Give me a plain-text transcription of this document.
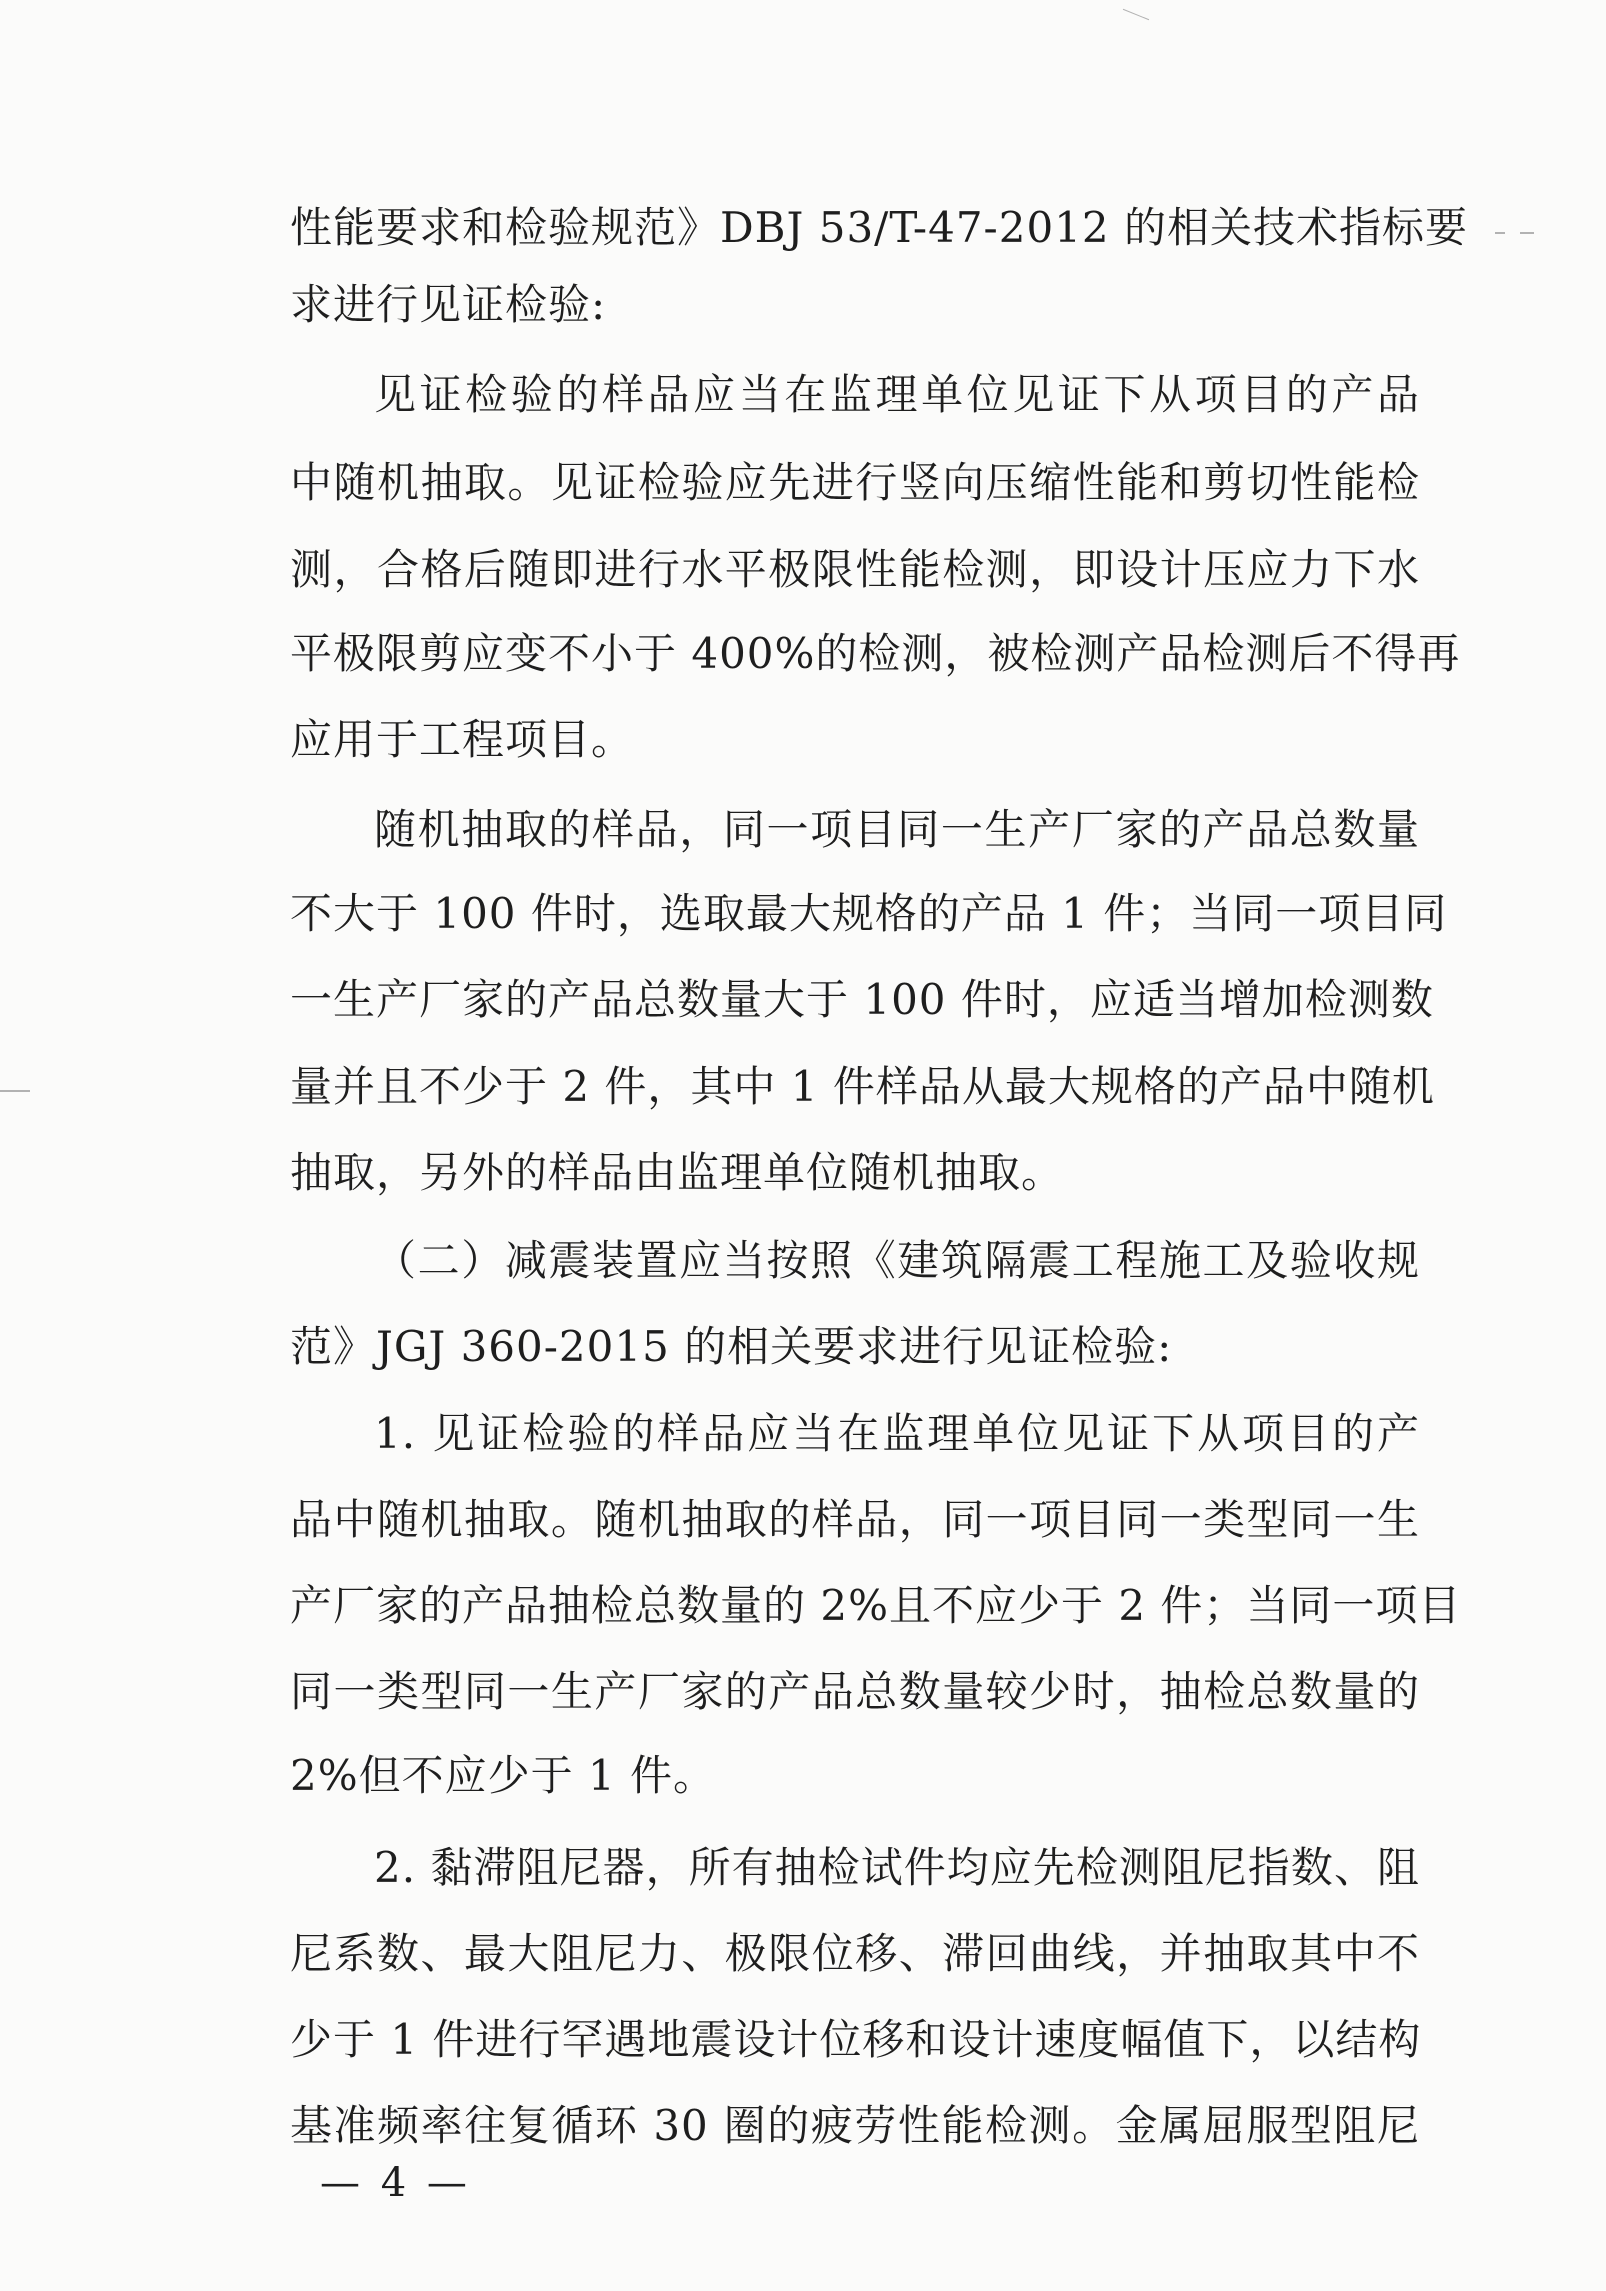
性能要求和检验规范》DBJ 53/T-47-2012 的相关技术指标要
求进行见证检验:
见证检验的样品应当在监理单位见证下从项目的产品
中随机抽取。见证检验应先进行竖向压缩性能和剪切性能检
测，合格后随即进行水平极限性能检测，即设计压应力下水
平极限剪应变不小于 400%的检测，被检测产品检测后不得再
应用于工程项目。
随机抽取的样品，同一项目同一生产厂家的产品总数量
不大于 100 件时，选取最大规格的产品 1 件；当同一项目同
一生产厂家的产品总数量大于 100 件时，应适当增加检测数
量并且不少于 2 件，其中 1 件样品从最大规格的产品中随机
抽取，另外的样品由监理单位随机抽取。
（二）减震装置应当按照《建筑隔震工程施工及验收规
范》JGJ 360-2015 的相关要求进行见证检验:
1. 见证检验的样品应当在监理单位见证下从项目的产
品中随机抽取。随机抽取的样品，同一项目同一类型同一生
产厂家的产品抽检总数量的 2%且不应少于 2 件；当同一项目
同一类型同一生产厂家的产品总数量较少时，抽检总数量的
2%但不应少于 1 件。
2. 黏滞阻尼器，所有抽检试件均应先检测阻尼指数、阻
尼系数、最大阻尼力、极限位移、滞回曲线，并抽取其中不
少于 1 件进行罕遇地震设计位移和设计速度幅值下，以结构
基准频率往复循环 30 圈的疲劳性能检测。金属屈服型阻尼
— 4 —
